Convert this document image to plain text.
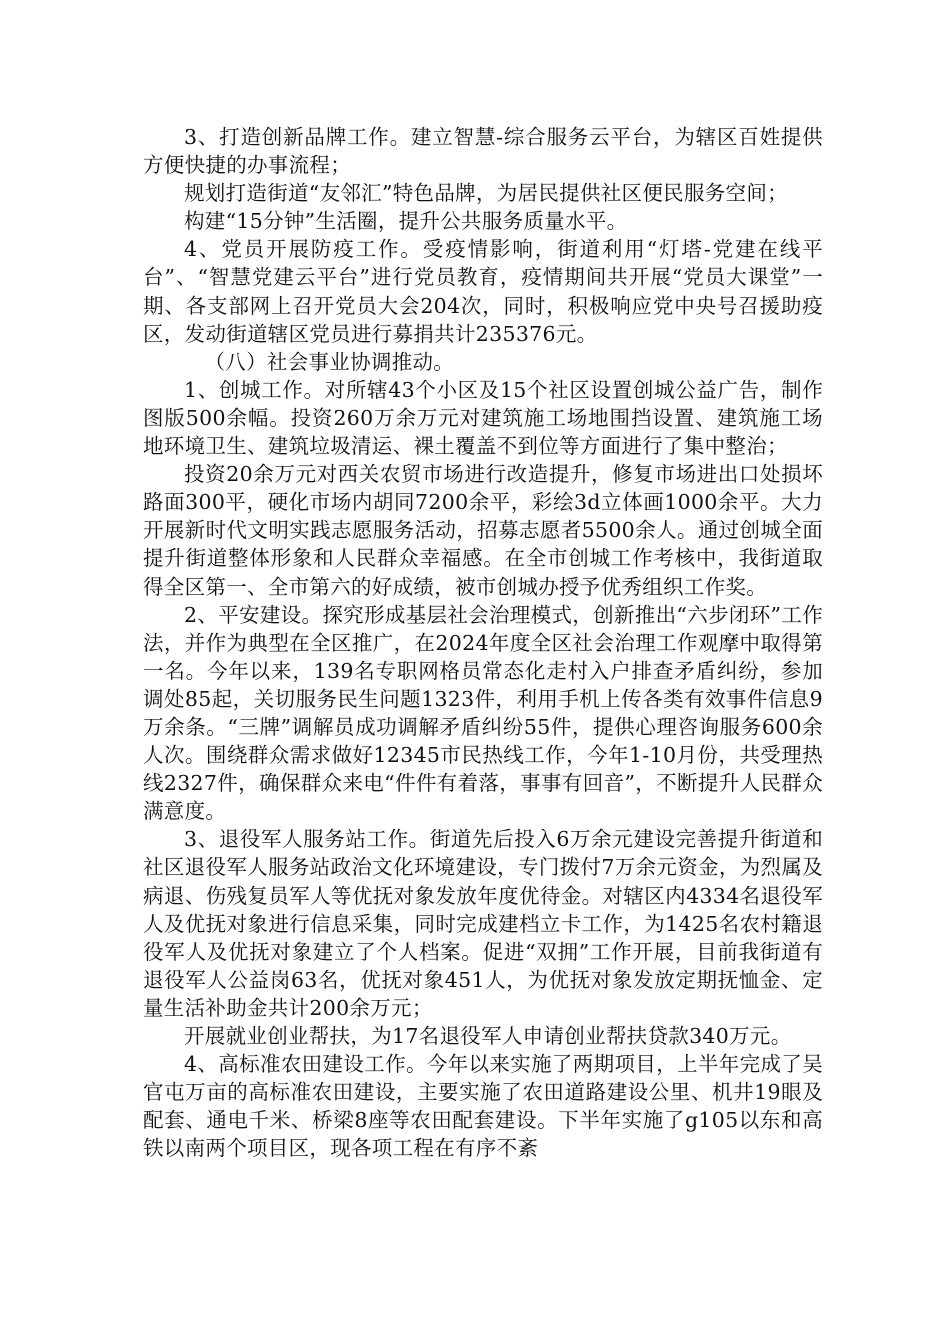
3、打造创新品牌工作。建立智慧-综合服务云平台，为辖区百姓提供方便快捷的办事流程；

规划打造街道“友邻汇”特色品牌，为居民提供社区便民服务空间；

构建“15分钟”生活圈，提升公共服务质量水平。

4、党员开展防疫工作。受疫情影响，街道利用“灯塔-党建在线平台”、“智慧党建云平台”进行党员教育，疫情期间共开展“党员大课堂”一期、各支部网上召开党员大会204次，同时，积极响应党中央号召援助疫区，发动街道辖区党员进行募捐共计235376元。

（八）社会事业协调推动。

1、创城工作。对所辖43个小区及15个社区设置创城公益广告，制作图版500余幅。投资260万余万元对建筑施工场地围挡设置、建筑施工场地环境卫生、建筑垃圾清运、裸土覆盖不到位等方面进行了集中整治；

投资20余万元对西关农贸市场进行改造提升，修复市场进出口处损坏路面300平，硬化市场内胡同7200余平，彩绘3d立体画1000余平。大力开展新时代文明实践志愿服务活动，招募志愿者5500余人。通过创城全面提升街道整体形象和人民群众幸福感。在全市创城工作考核中，我街道取得全区第一、全市第六的好成绩，被市创城办授予优秀组织工作奖。

2、平安建设。探究形成基层社会治理模式，创新推出“六步闭环”工作法，并作为典型在全区推广，在2024年度全区社会治理工作观摩中取得第一名。今年以来，139名专职网格员常态化走村入户排查矛盾纠纷，参加调处85起，关切服务民生问题1323件，利用手机上传各类有效事件信息9万余条。“三牌”调解员成功调解矛盾纠纷55件，提供心理咨询服务600余人次。围绕群众需求做好12345市民热线工作，今年1-10月份，共受理热线2327件，确保群众来电“件件有着落，事事有回音”，不断提升人民群众满意度。

3、退役军人服务站工作。街道先后投入6万余元建设完善提升街道和社区退役军人服务站政治文化环境建设，专门拨付7万余元资金，为烈属及病退、伤残复员军人等优抚对象发放年度优待金。对辖区内4334名退役军人及优抚对象进行信息采集，同时完成建档立卡工作，为1425名农村籍退役军人及优抚对象建立了个人档案。促进“双拥”工作开展，目前我街道有退役军人公益岗63名，优抚对象451人，为优抚对象发放定期抚恤金、定量生活补助金共计200余万元；

开展就业创业帮扶，为17名退役军人申请创业帮扶贷款340万元。

4、高标准农田建设工作。今年以来实施了两期项目，上半年完成了吴官屯万亩的高标准农田建设，主要实施了农田道路建设公里、机井19眼及配套、通电千米、桥梁8座等农田配套建设。下半年实施了g105以东和高铁以南两个项目区，现各项工程在有序不紊
